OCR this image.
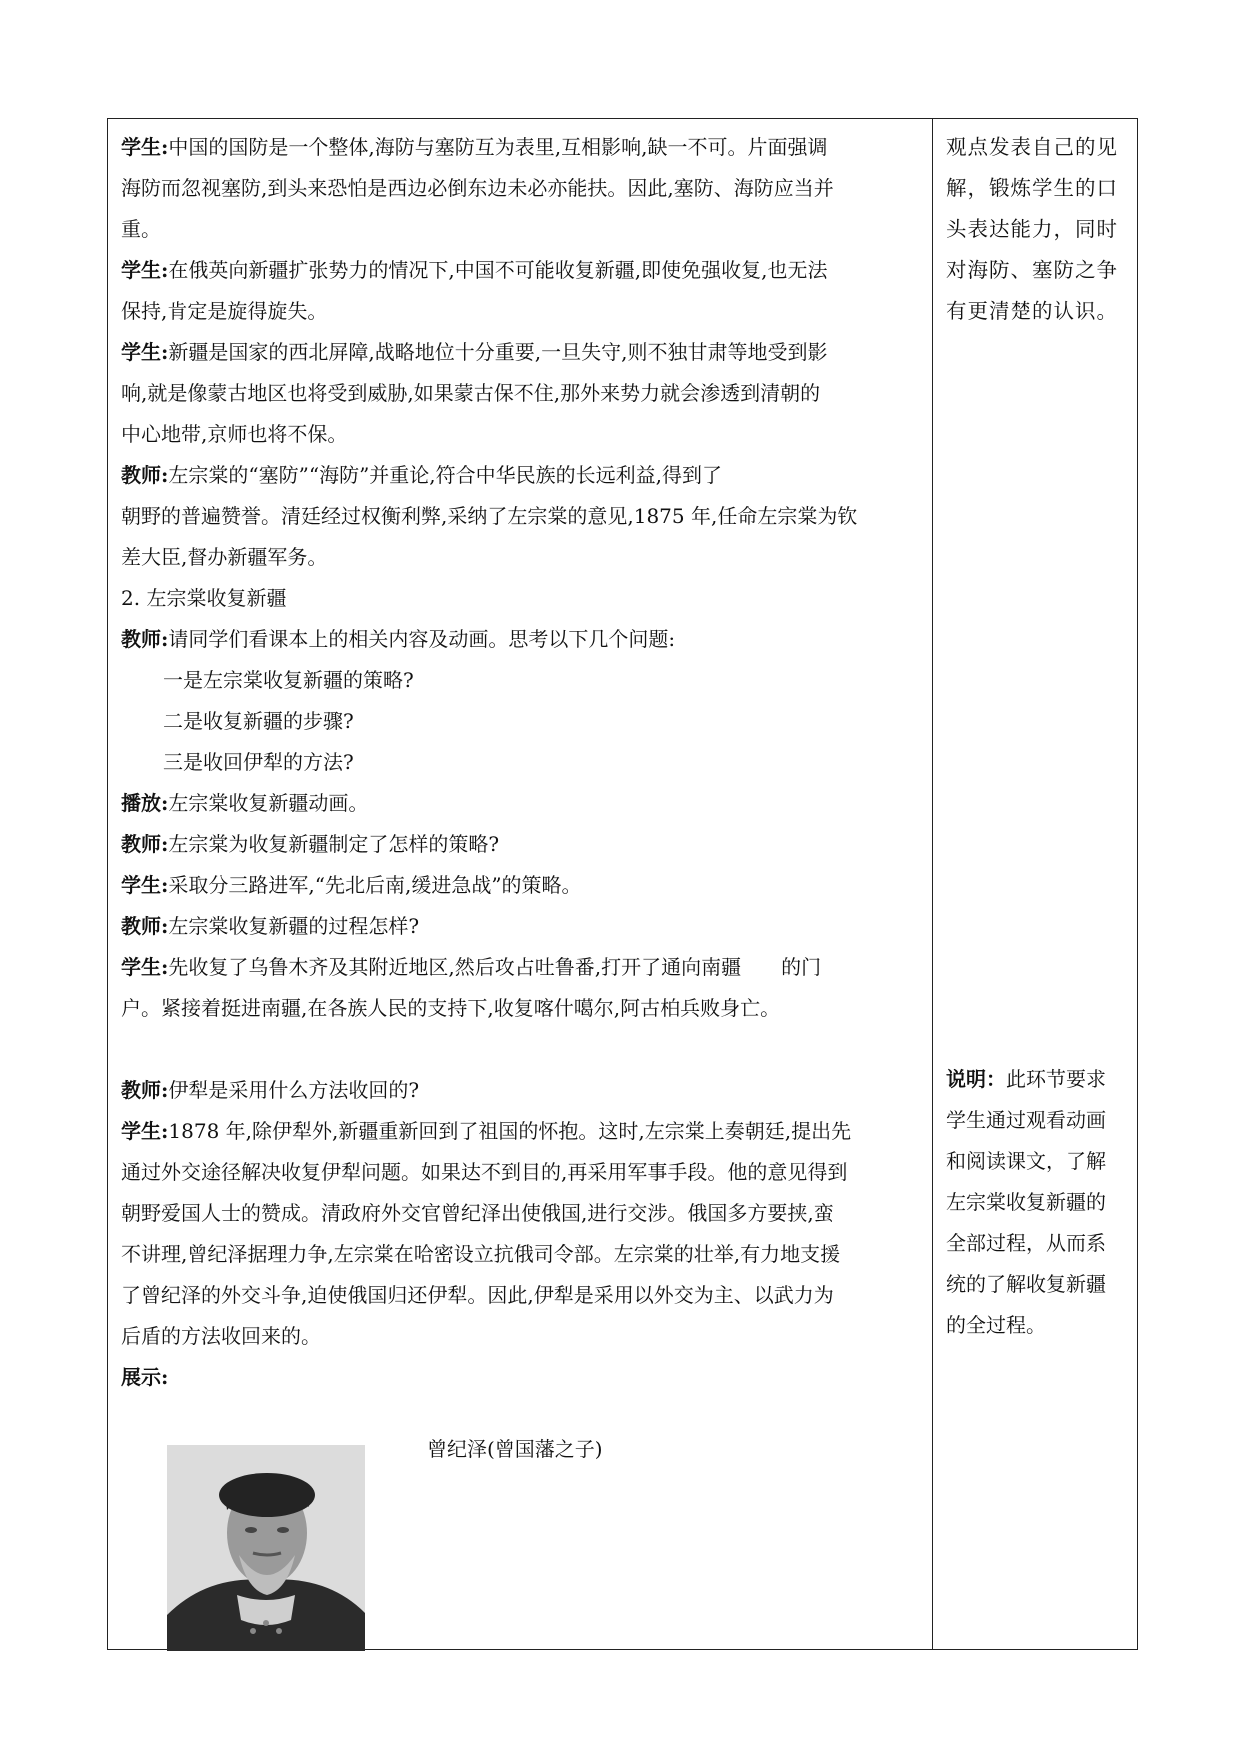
学生:中国的国防是一个整体,海防与塞防互为表里,互相影响,缺一不可。片面强调

海防而忽视塞防,到头来恐怕是西边必倒东边未必亦能扶。因此,塞防、海防应当并

重。

学生:在俄英向新疆扩张势力的情况下,中国不可能收复新疆,即使免强收复,也无法

保持,肯定是旋得旋失。

学生:新疆是国家的西北屏障,战略地位十分重要,一旦失守,则不独甘肃等地受到影

响,就是像蒙古地区也将受到威胁,如果蒙古保不住,那外来势力就会渗透到清朝的

中心地带,京师也将不保。

教师:左宗棠的“塞防”“海防”并重论,符合中华民族的长远利益,得到了

朝野的普遍赞誉。清廷经过权衡利弊,采纳了左宗棠的意见,1875 年,任命左宗棠为钦

差大臣,督办新疆军务。

2. 左宗棠收复新疆

教师:请同学们看课本上的相关内容及动画。思考以下几个问题:

一是左宗棠收复新疆的策略?

二是收复新疆的步骤?

三是收回伊犁的方法?

播放:左宗棠收复新疆动画。

教师:左宗棠为收复新疆制定了怎样的策略?

学生:采取分三路进军,“先北后南,缓进急战”的策略。

教师:左宗棠收复新疆的过程怎样?

学生:先收复了乌鲁木齐及其附近地区,然后攻占吐鲁番,打开了通向南疆　　的门

户。紧接着挺进南疆,在各族人民的支持下,收复喀什噶尔,阿古柏兵败身亡。

教师:伊犁是采用什么方法收回的?

学生:1878 年,除伊犁外,新疆重新回到了祖国的怀抱。这时,左宗棠上奏朝廷,提出先

通过外交途径解决收复伊犁问题。如果达不到目的,再采用军事手段。他的意见得到

朝野爱国人士的赞成。清政府外交官曾纪泽出使俄国,进行交涉。俄国多方要挟,蛮

不讲理,曾纪泽据理力争,左宗棠在哈密设立抗俄司令部。左宗棠的壮举,有力地支援

了曾纪泽的外交斗争,迫使俄国归还伊犁。因此,伊犁是采用以外交为主、以武力为

后盾的方法收回来的。

展示:

观点发表自己的见

解，锻炼学生的口

头表达能力，同时

对海防、塞防之争

有更清楚的认识。

说明：此环节要求

学生通过观看动画

和阅读课文，了解

左宗棠收复新疆的

全部过程，从而系

统的了解收复新疆

的全过程。

曾纪泽(曾国藩之子)
